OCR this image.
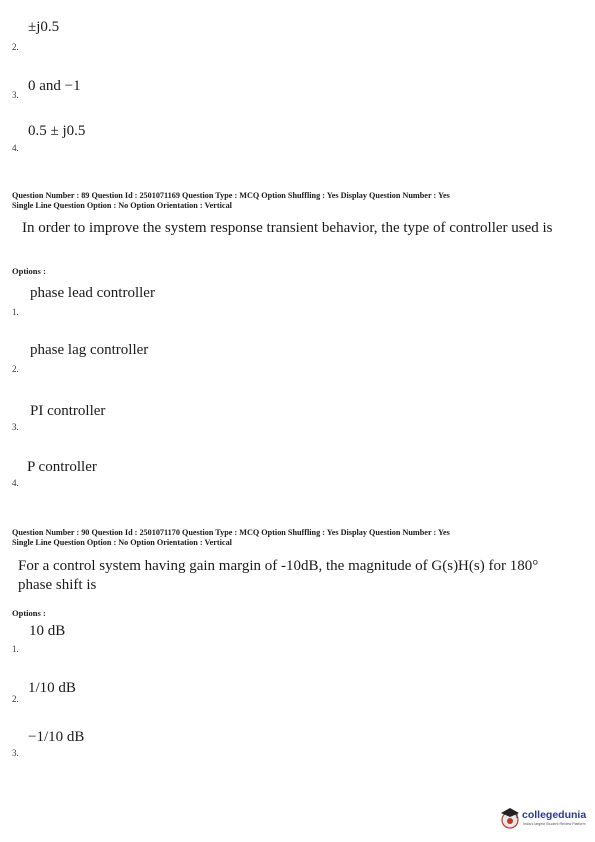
±j0.5
2.
0 and −1
3.
0.5 ± j0.5
4.
Question Number : 89 Question Id : 2501071169 Question Type : MCQ Option Shuffling : Yes Display Question Number : Yes
Single Line Question Option : No Option Orientation : Vertical
In order to improve the system response transient behavior, the type of controller used is
Options :
phase lead controller
1.
phase lag controller
2.
PI controller
3.
P controller
4.
Question Number : 90 Question Id : 2501071170 Question Type : MCQ Option Shuffling : Yes Display Question Number : Yes
Single Line Question Option : No Option Orientation : Vertical
For a control system having gain margin of -10dB, the magnitude of G(s)H(s) for 180° phase shift is
Options :
10 dB
1.
1/10 dB
2.
−1/10 dB
3.
collegedunia
India's largest Student Review Platform
